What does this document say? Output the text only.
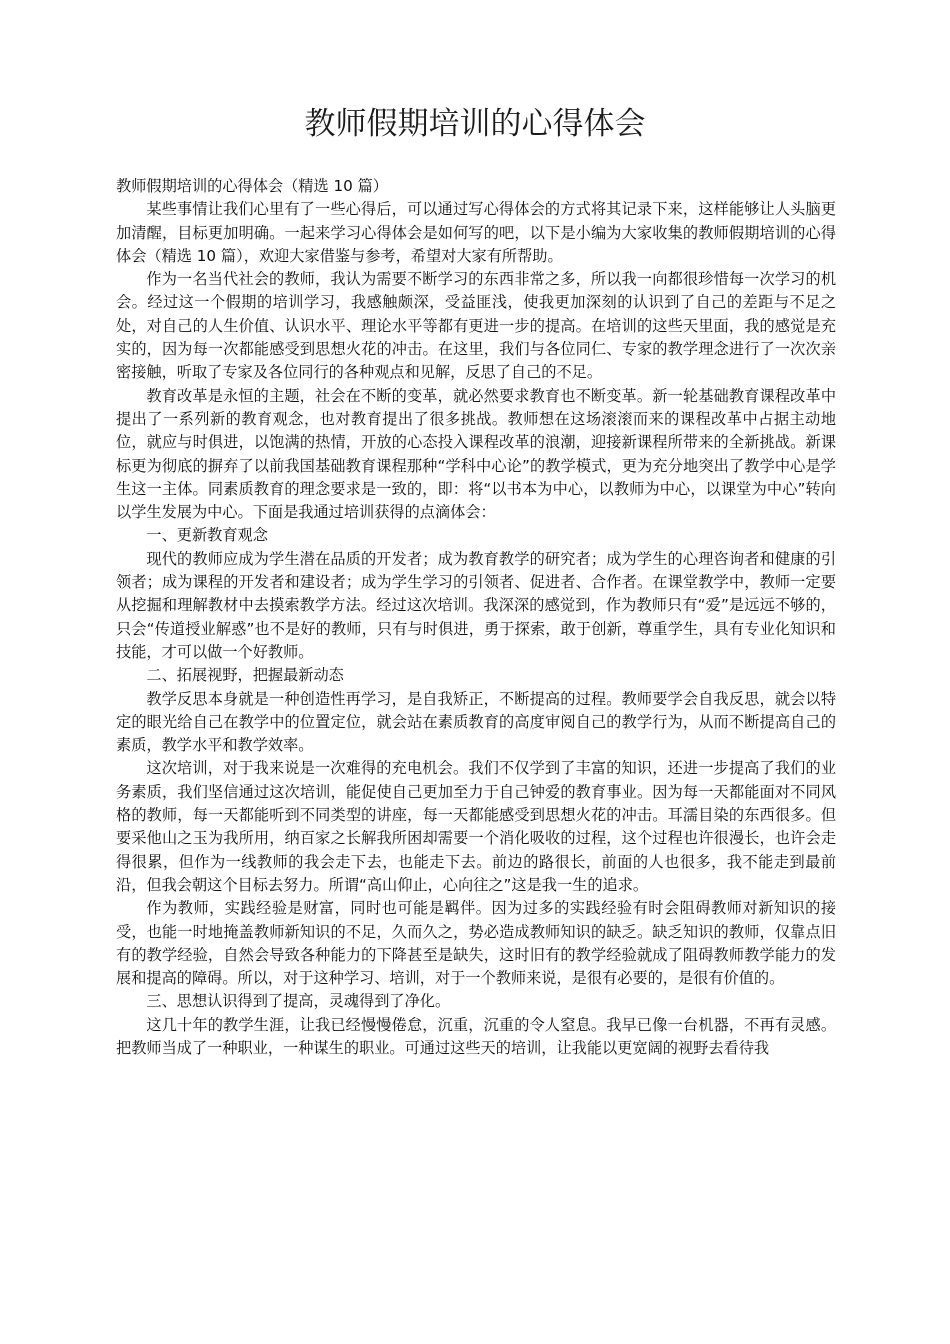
教师假期培训的心得体会

教师假期培训的心得体会（精选 10 篇）

某些事情让我们心里有了一些心得后，可以通过写心得体会的方式将其记录下来，这样能够让人头脑更加清醒，目标更加明确。一起来学习心得体会是如何写的吧，以下是小编为大家收集的教师假期培训的心得体会（精选 10 篇），欢迎大家借鉴与参考，希望对大家有所帮助。

作为一名当代社会的教师，我认为需要不断学习的东西非常之多，所以我一向都很珍惜每一次学习的机会。经过这一个假期的培训学习，我感触颇深，受益匪浅，使我更加深刻的认识到了自己的差距与不足之处，对自己的人生价值、认识水平、理论水平等都有更进一步的提高。在培训的这些天里面，我的感觉是充实的，因为每一次都能感受到思想火花的冲击。在这里，我们与各位同仁、专家的教学理念进行了一次次亲密接触，听取了专家及各位同行的各种观点和见解，反思了自己的不足。

教育改革是永恒的主题，社会在不断的变革，就必然要求教育也不断变革。新一轮基础教育课程改革中提出了一系列新的教育观念，也对教育提出了很多挑战。教师想在这场滚滚而来的课程改革中占据主动地位，就应与时俱进，以饱满的热情，开放的心态投入课程改革的浪潮，迎接新课程所带来的全新挑战。新课标更为彻底的摒弃了以前我国基础教育课程那种“学科中心论”的教学模式，更为充分地突出了教学中心是学生这一主体。同素质教育的理念要求是一致的，即：将“以书本为中心，以教师为中心，以课堂为中心”转向以学生发展为中心。下面是我通过培训获得的点滴体会：

一、更新教育观念

现代的教师应成为学生潜在品质的开发者；成为教育教学的研究者；成为学生的心理咨询者和健康的引领者；成为课程的开发者和建设者；成为学生学习的引领者、促进者、合作者。在课堂教学中，教师一定要从挖掘和理解教材中去摸索教学方法。经过这次培训。我深深的感觉到，作为教师只有“爱”是远远不够的，只会“传道授业解惑”也不是好的教师，只有与时俱进，勇于探索，敢于创新，尊重学生，具有专业化知识和技能，才可以做一个好教师。

二、拓展视野，把握最新动态

教学反思本身就是一种创造性再学习，是自我矫正，不断提高的过程。教师要学会自我反思，就会以特定的眼光给自己在教学中的位置定位，就会站在素质教育的高度审阅自己的教学行为，从而不断提高自己的素质，教学水平和教学效率。

这次培训，对于我来说是一次难得的充电机会。我们不仅学到了丰富的知识，还进一步提高了我们的业务素质，我们坚信通过这次培训，能促使自己更加至力于自己钟爱的教育事业。因为每一天都能面对不同风格的教师，每一天都能听到不同类型的讲座，每一天都能感受到思想火花的冲击。耳濡目染的东西很多。但要采他山之玉为我所用，纳百家之长解我所困却需要一个消化吸收的过程，这个过程也许很漫长，也许会走得很累，但作为一线教师的我会走下去，也能走下去。前边的路很长，前面的人也很多，我不能走到最前沿，但我会朝这个目标去努力。所谓“高山仰止，心向往之”这是我一生的追求。

作为教师，实践经验是财富，同时也可能是羁伴。因为过多的实践经验有时会阻碍教师对新知识的接受，也能一时地掩盖教师新知识的不足，久而久之，势必造成教师知识的缺乏。缺乏知识的教师，仅靠点旧有的教学经验，自然会导致各种能力的下降甚至是缺失，这时旧有的教学经验就成了阻碍教师教学能力的发展和提高的障碍。所以，对于这种学习、培训，对于一个教师来说，是很有必要的，是很有价值的。

三、思想认识得到了提高，灵魂得到了净化。

这几十年的教学生涯，让我已经慢慢倦怠，沉重，沉重的令人窒息。我早已像一台机器，不再有灵感。把教师当成了一种职业，一种谋生的职业。可通过这些天的培训，让我能以更宽阔的视野去看待我
